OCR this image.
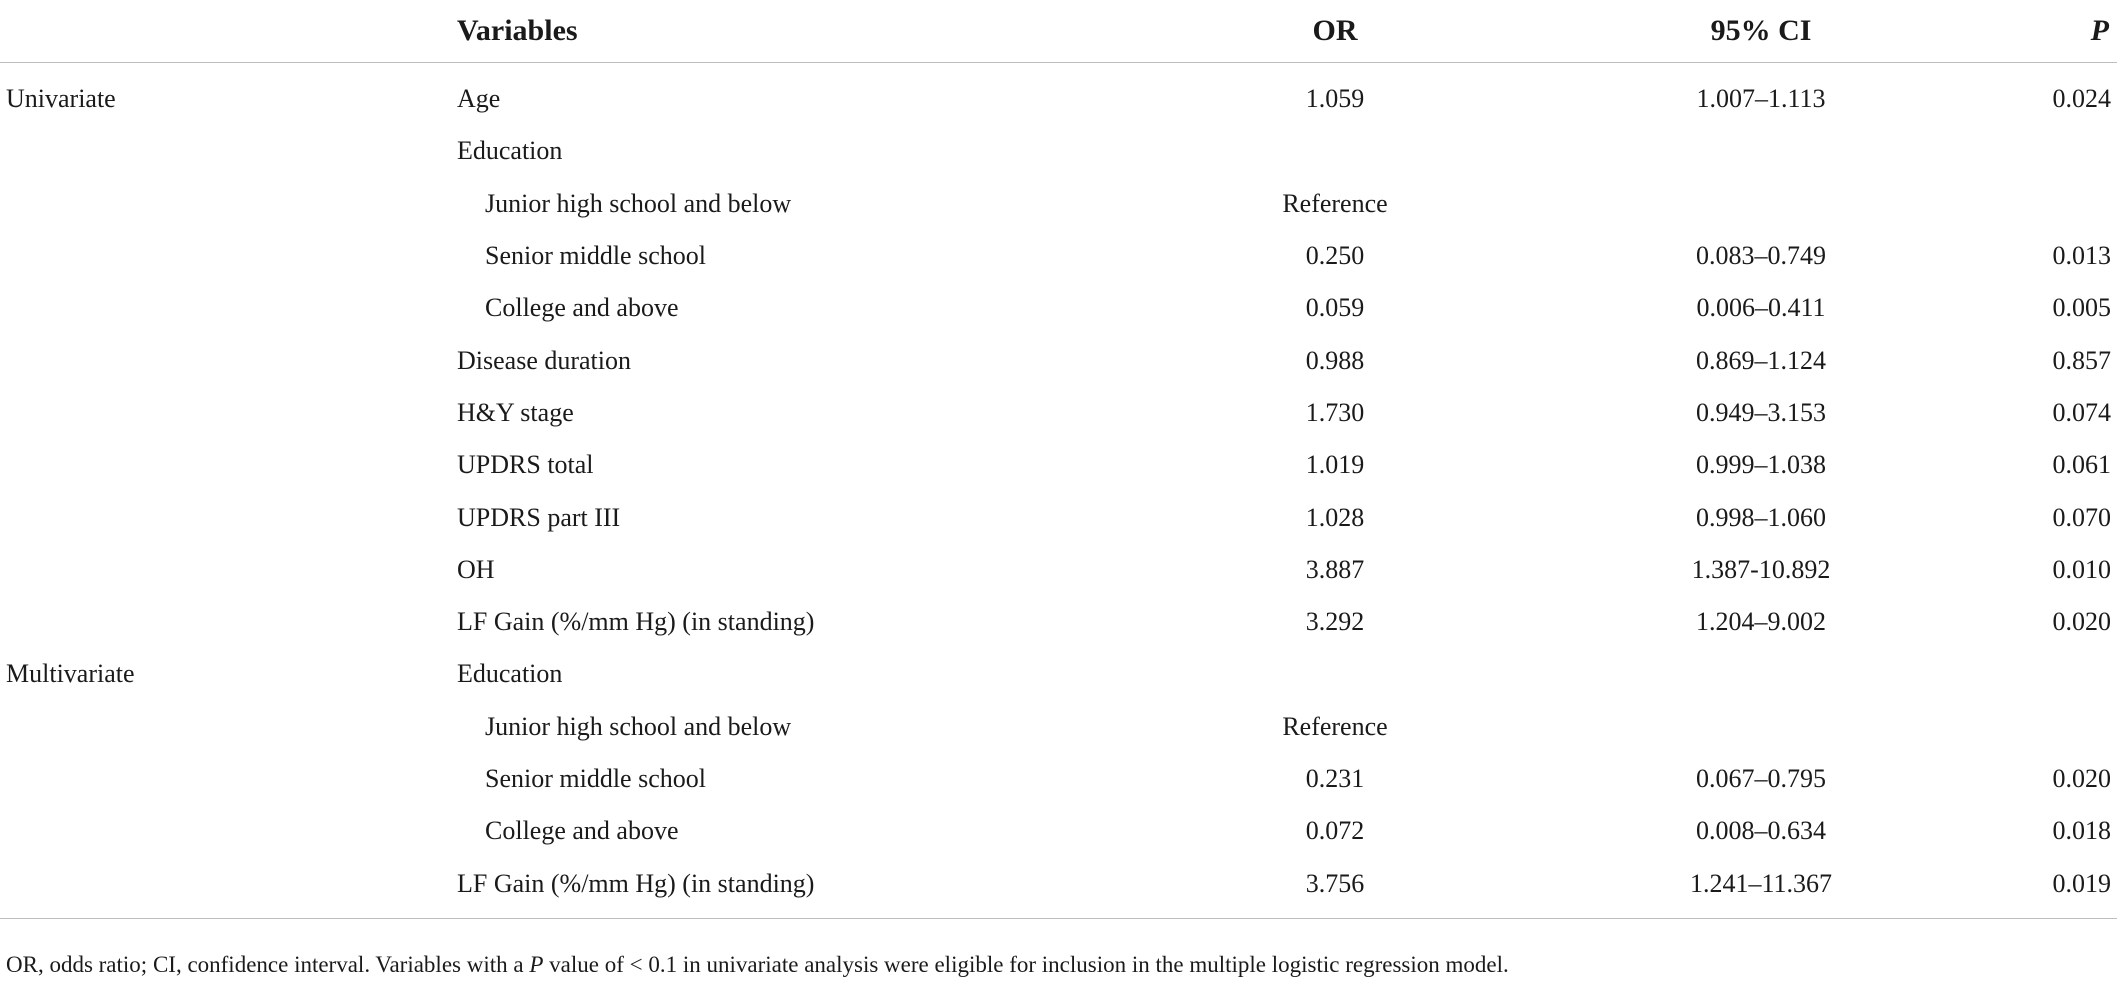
	Variables	OR	95% CI	P
Univariate	Age	1.059	1.007–1.113	0.024
	Education			
	Junior high school and below	Reference		
	Senior middle school	0.250	0.083–0.749	0.013
	College and above	0.059	0.006–0.411	0.005
	Disease duration	0.988	0.869–1.124	0.857
	H&Y stage	1.730	0.949–3.153	0.074
	UPDRS total	1.019	0.999–1.038	0.061
	UPDRS part III	1.028	0.998–1.060	0.070
	OH	3.887	1.387-10.892	0.010
	LF Gain (%/mm Hg) (in standing)	3.292	1.204–9.002	0.020
Multivariate	Education			
	Junior high school and below	Reference		
	Senior middle school	0.231	0.067–0.795	0.020
	College and above	0.072	0.008–0.634	0.018
	LF Gain (%/mm Hg) (in standing)	3.756	1.241–11.367	0.019
OR, odds ratio; CI, confidence interval. Variables with a P value of < 0.1 in univariate analysis were eligible for inclusion in the multiple logistic regression model.
